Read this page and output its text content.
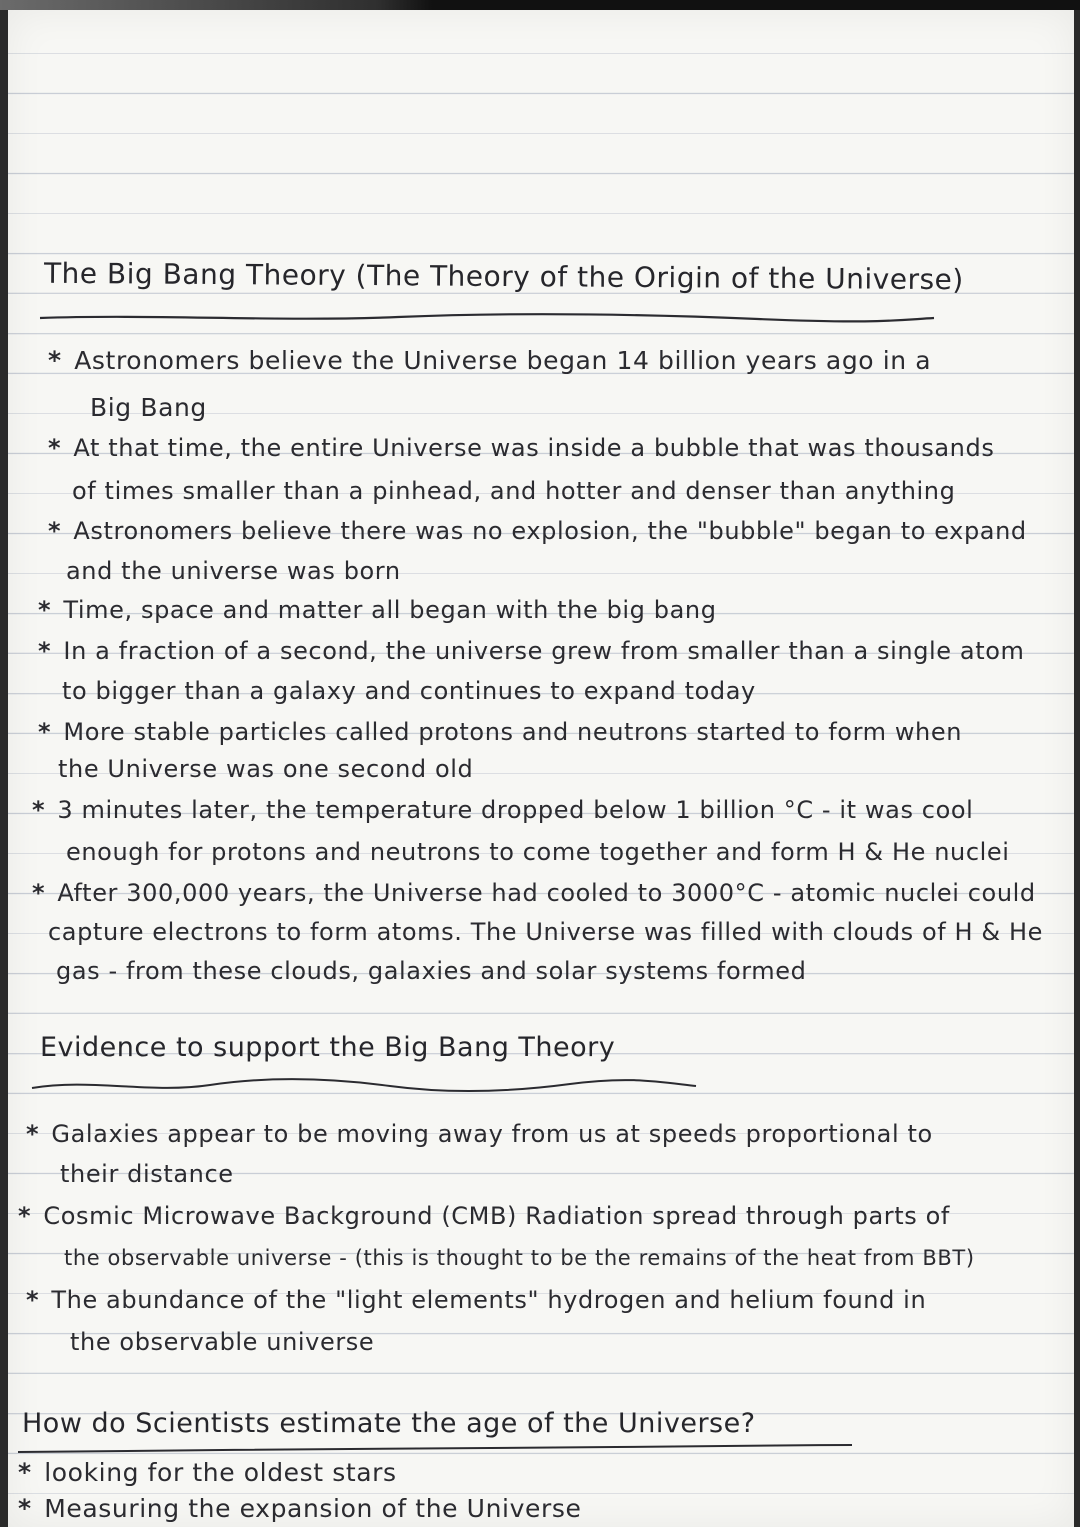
The Big Bang Theory (The Theory of the Origin of the Universe)
* Astronomers believe the Universe began 14 billion years ago in a
Big Bang
* At that time, the entire Universe was inside a bubble that was thousands
of times smaller than a pinhead, and hotter and denser than anything
* Astronomers believe there was no explosion, the "bubble" began to expand
and the universe was born
* Time, space and matter all began with the big bang
* In a fraction of a second, the universe grew from smaller than a single atom
to bigger than a galaxy and continues to expand today
* More stable particles called protons and neutrons started to form when
the Universe was one second old
* 3 minutes later, the temperature dropped below 1 billion °C - it was cool
enough for protons and neutrons to come together and form H & He nuclei
* After 300,000 years, the Universe had cooled to 3000°C - atomic nuclei could
capture electrons to form atoms. The Universe was filled with clouds of H & He
gas - from these clouds, galaxies and solar systems formed
Evidence to support the Big Bang Theory
* Galaxies appear to be moving away from us at speeds proportional to
their distance
* Cosmic Microwave Background (CMB) Radiation spread through parts of
the observable universe - (this is thought to be the remains of the heat from BBT)
* The abundance of the "light elements" hydrogen and helium found in
the observable universe
How do Scientists estimate the age of the Universe?
* looking for the oldest stars
* Measuring the expansion of the Universe
